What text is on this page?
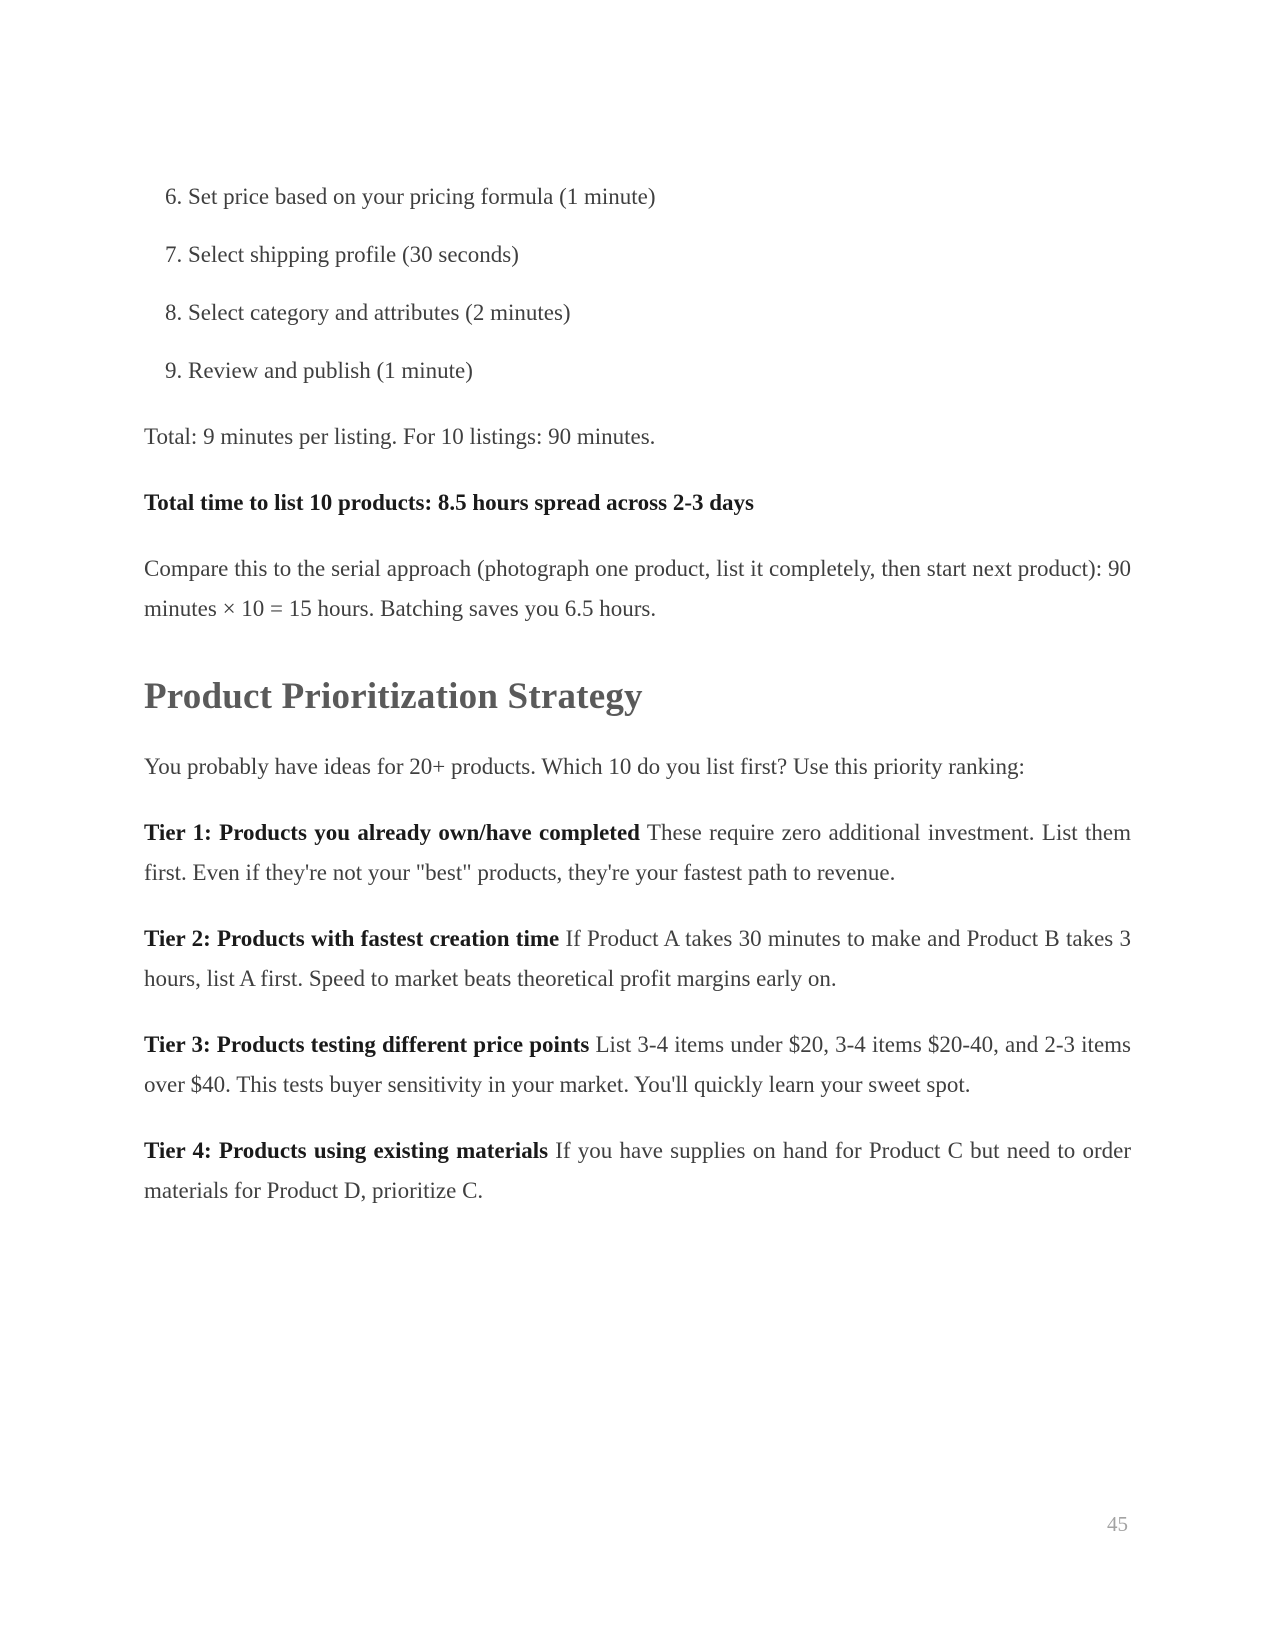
6. Set price based on your pricing formula (1 minute)
7. Select shipping profile (30 seconds)
8. Select category and attributes (2 minutes)
9. Review and publish (1 minute)

Total: 9 minutes per listing. For 10 listings: 90 minutes.

Total time to list 10 products: 8.5 hours spread across 2-3 days

Compare this to the serial approach (photograph one product, list it completely, then start next product): 90 minutes × 10 = 15 hours. Batching saves you 6.5 hours.

Product Prioritization Strategy

You probably have ideas for 20+ products. Which 10 do you list first? Use this priority ranking:

Tier 1: Products you already own/have completed These require zero additional investment. List them first. Even if they're not your "best" products, they're your fastest path to revenue.

Tier 2: Products with fastest creation time If Product A takes 30 minutes to make and Product B takes 3 hours, list A first. Speed to market beats theoretical profit margins early on.

Tier 3: Products testing different price points List 3-4 items under $20, 3-4 items $20-40, and 2-3 items over $40. This tests buyer sensitivity in your market. You'll quickly learn your sweet spot.

Tier 4: Products using existing materials If you have supplies on hand for Product C but need to order materials for Product D, prioritize C.

45
